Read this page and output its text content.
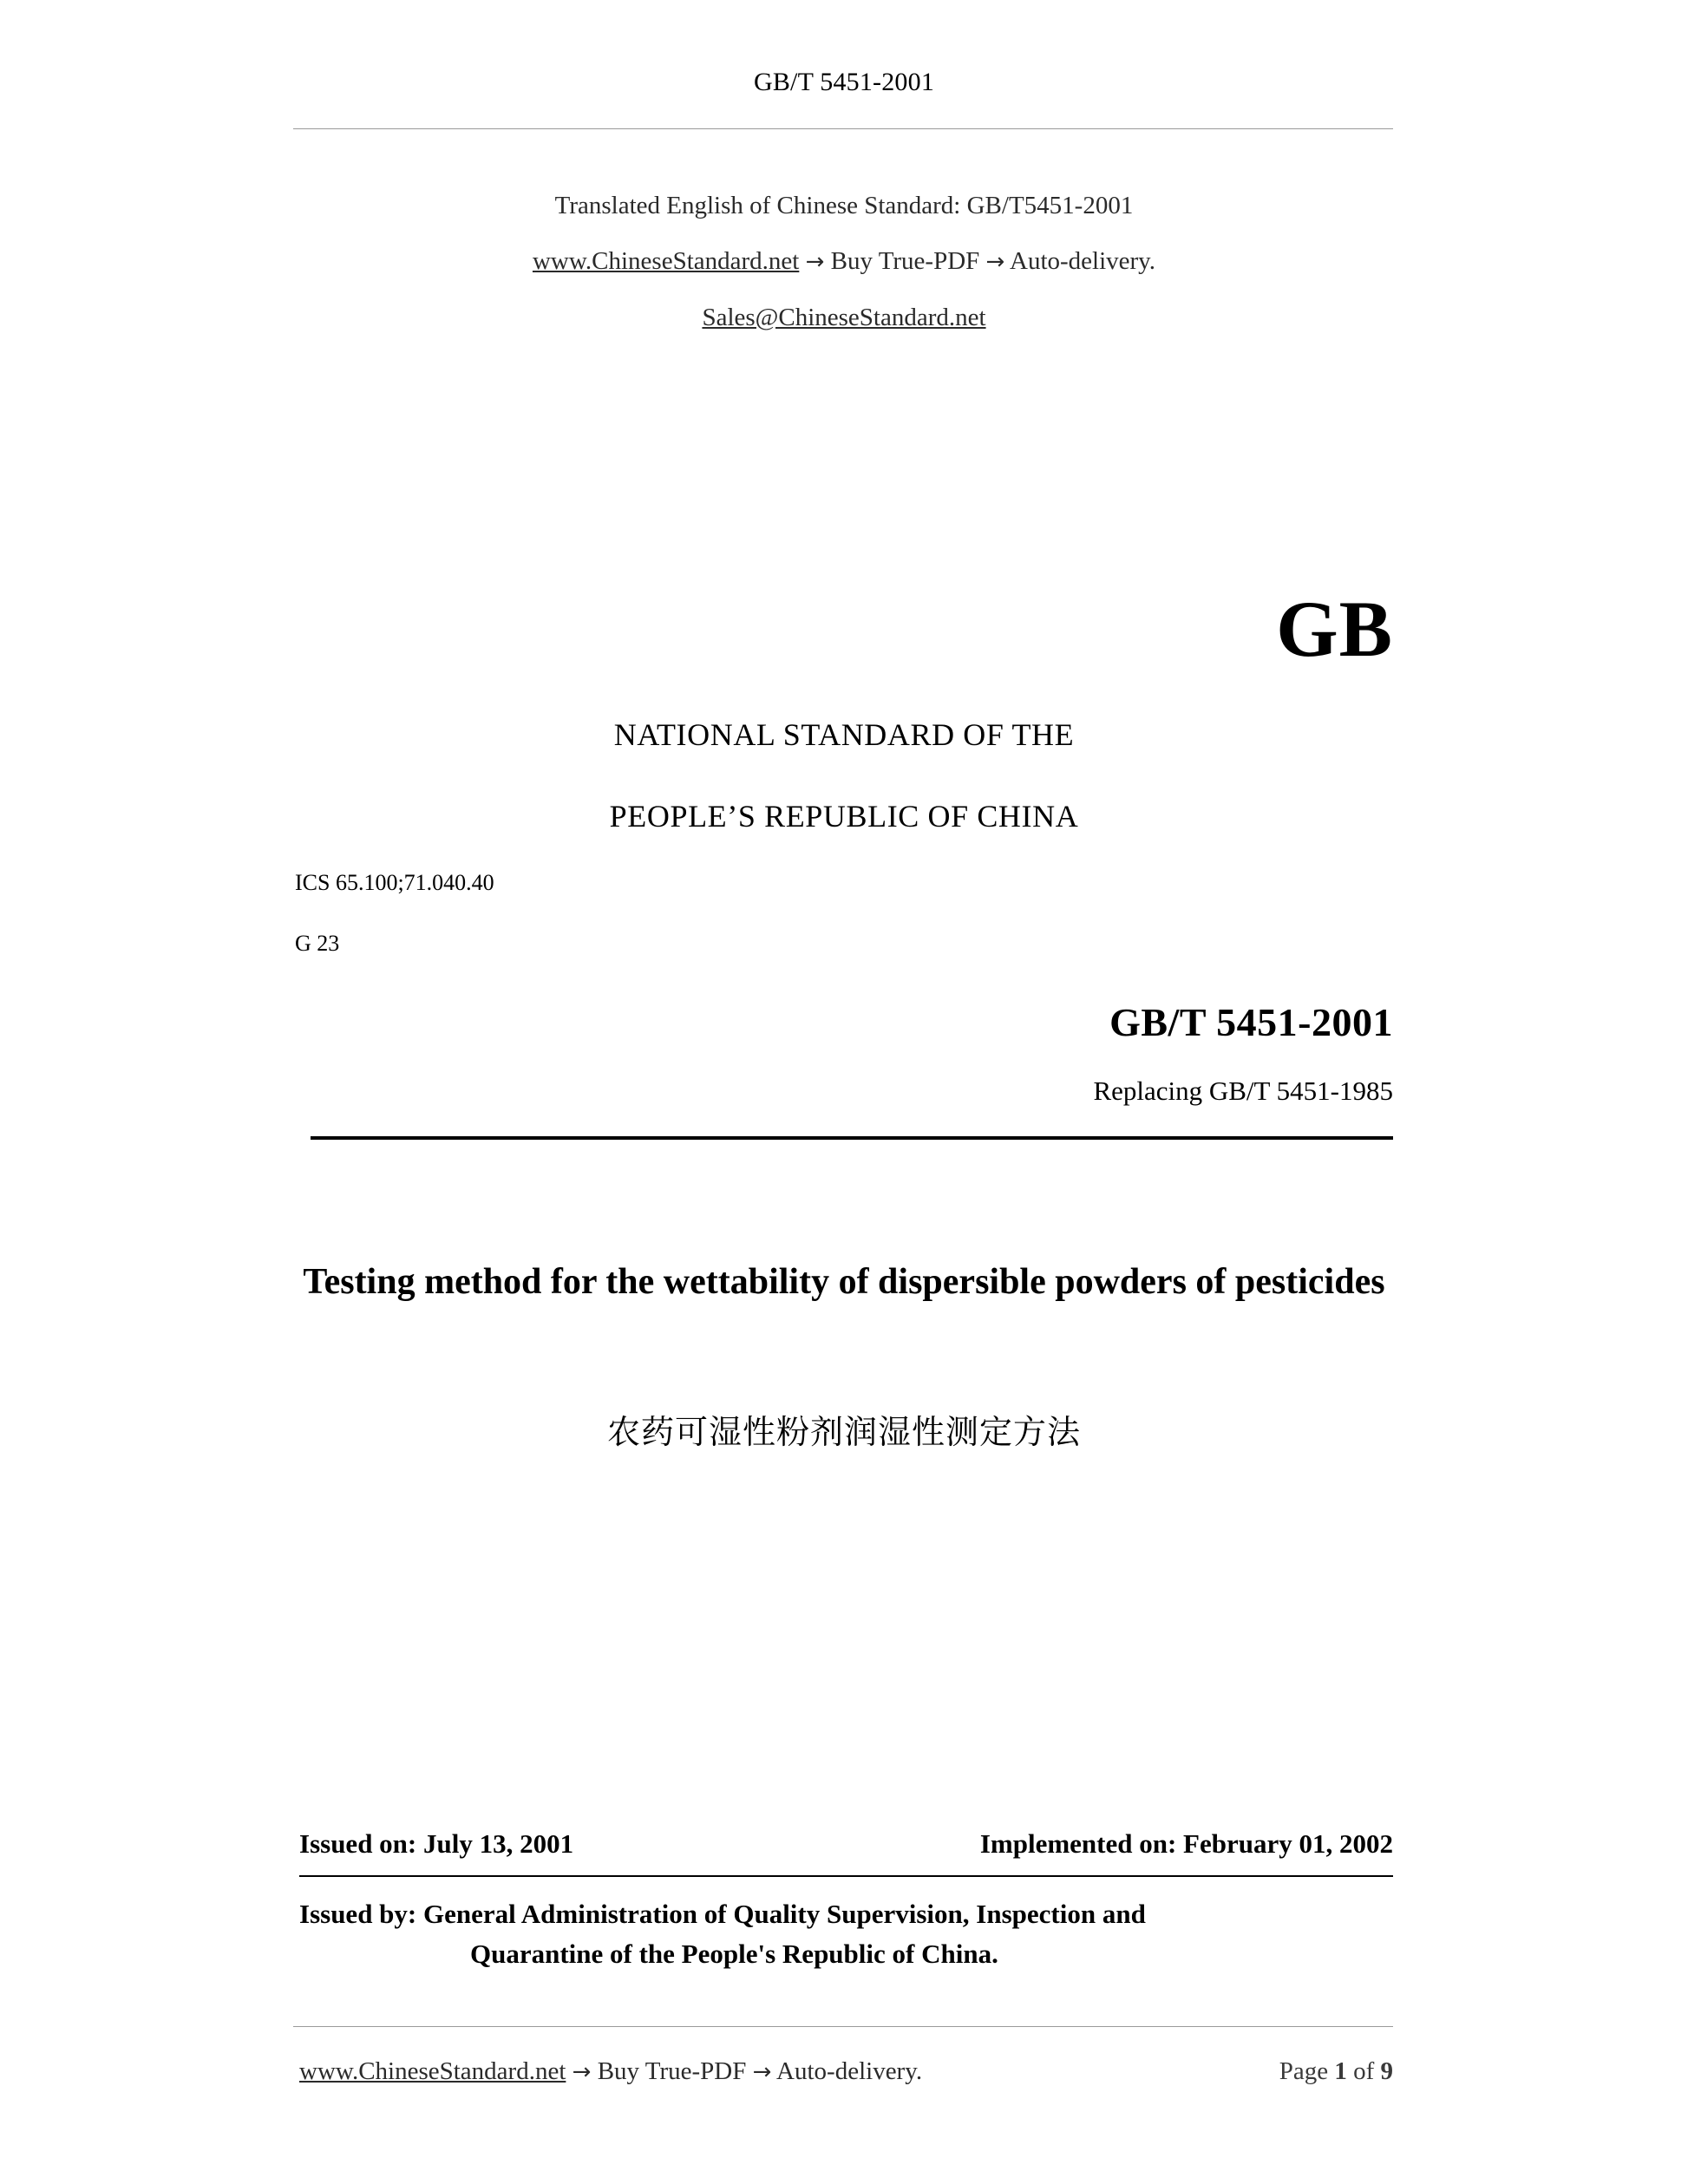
GB/T 5451-2001
Translated English of Chinese Standard: GB/T5451-2001
www.ChineseStandard.net → Buy True-PDF → Auto-delivery.
Sales@ChineseStandard.net
GB
NATIONAL STANDARD OF THE
PEOPLE’S REPUBLIC OF CHINA
ICS 65.100;71.040.40
G 23
GB/T 5451-2001
Replacing GB/T 5451-1985
Testing method for the wettability of dispersible powders of pesticides
农药可湿性粉剂润湿性测定方法
Issued on: July 13, 2001	Implemented on: February 01, 2002
Issued by: General Administration of Quality Supervision, Inspection and
Quarantine of the People's Republic of China.
www.ChineseStandard.net → Buy True-PDF → Auto-delivery.	Page 1 of 9
